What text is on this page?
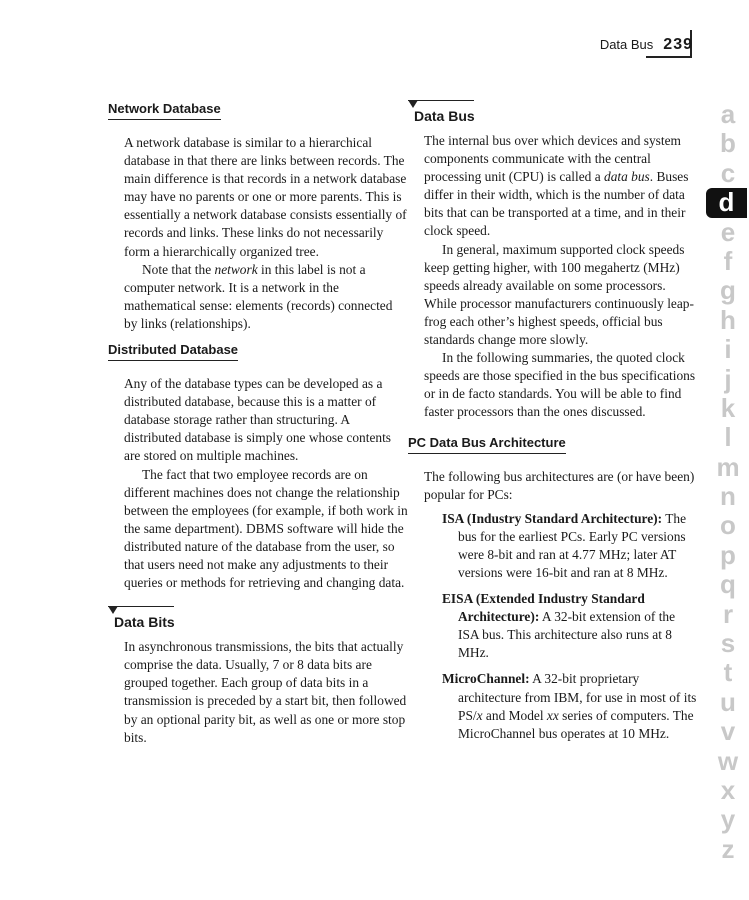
Data Bus 239
Network Database

A network database is similar to a hierarchical database in that there are links between records. The main difference is that records in a network database may have no parents or one or more parents. This is essentially a network database consists essentially of records and links. These links do not necessarily form a hierarchically organized tree.

Note that the network in this label is not a computer network. It is a network in the mathematical sense: elements (records) connected by links (relationships).

Distributed Database

Any of the database types can be developed as a distributed database, because this is a matter of database storage rather than structuring. A distributed database is simply one whose contents are stored on multiple machines.

The fact that two employee records are on different machines does not change the relationship between the employees (for example, if both work in the same department). DBMS software will hide the distributed nature of the database from the user, so that users need not make any adjustments to their queries or methods for retrieving and changing data.

Data Bits

In asynchronous transmissions, the bits that actually comprise the data. Usually, 7 or 8 data bits are grouped together. Each group of data bits in a transmission is preceded by a start bit, then followed by an optional parity bit, as well as one or more stop bits.

Data Bus

The internal bus over which devices and system components communicate with the central processing unit (CPU) is called a data bus. Buses differ in their width, which is the number of data bits that can be transported at a time, and in their clock speed.

In general, maximum supported clock speeds keep getting higher, with 100 megahertz (MHz) speeds already available on some processors. While processor manufacturers continuously leap-frog each other’s highest speeds, official bus standards change more slowly.

In the following summaries, the quoted clock speeds are those specified in the bus specifications or in de facto standards. You will be able to find faster processors than the ones discussed.

PC Data Bus Architecture

The following bus architectures are (or have been) popular for PCs:

ISA (Industry Standard Architecture): The bus for the earliest PCs. Early PC versions were 8-bit and ran at 4.77 MHz; later AT versions were 16-bit and ran at 8 MHz.
EISA (Extended Industry Standard Architecture): A 32-bit extension of the ISA bus. This architecture also runs at 8 MHz.
MicroChannel: A 32-bit proprietary architecture from IBM, for use in most of its PS/x and Model xx series of computers. The MicroChannel bus operates at 10 MHz.
a
b
c
d
e
f
g
h
i
j
k
l
m
n
o
p
q
r
s
t
u
v
w
x
y
z
